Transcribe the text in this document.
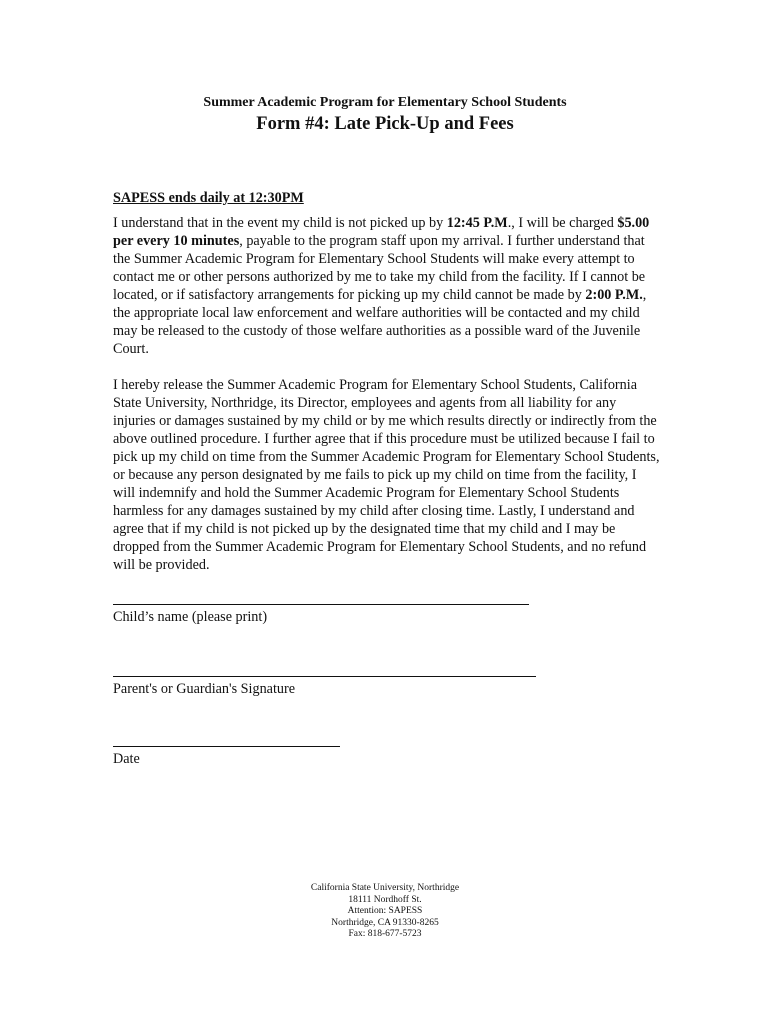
Summer Academic Program for Elementary School Students
Form #4: Late Pick-Up and Fees
SAPESS ends daily at 12:30PM

I understand that in the event my child is not picked up by 12:45 P.M., I will be charged $5.00 per every 10 minutes, payable to the program staff upon my arrival. I further understand that the Summer Academic Program for Elementary School Students will make every attempt to contact me or other persons authorized by me to take my child from the facility. If I cannot be located, or if satisfactory arrangements for picking up my child cannot be made by 2:00 P.M., the appropriate local law enforcement and welfare authorities will be contacted and my child may be released to the custody of those welfare authorities as a possible ward of the Juvenile Court.

I hereby release the Summer Academic Program for Elementary School Students, California State University, Northridge, its Director, employees and agents from all liability for any injuries or damages sustained by my child or by me which results directly or indirectly from the above outlined procedure. I further agree that if this procedure must be utilized because I fail to pick up my child on time from the Summer Academic Program for Elementary School Students, or because any person designated by me fails to pick up my child on time from the facility, I will indemnify and hold the Summer Academic Program for Elementary School Students harmless for any damages sustained by my child after closing time. Lastly, I understand and agree that if my child is not picked up by the designated time that my child and I may be dropped from the Summer Academic Program for Elementary School Students, and no refund will be provided.

Child’s name (please print)
Parent's or Guardian's Signature
Date
California State University, Northridge
18111 Nordhoff St.
Attention: SAPESS
Northridge, CA 91330-8265
Fax: 818-677-5723
